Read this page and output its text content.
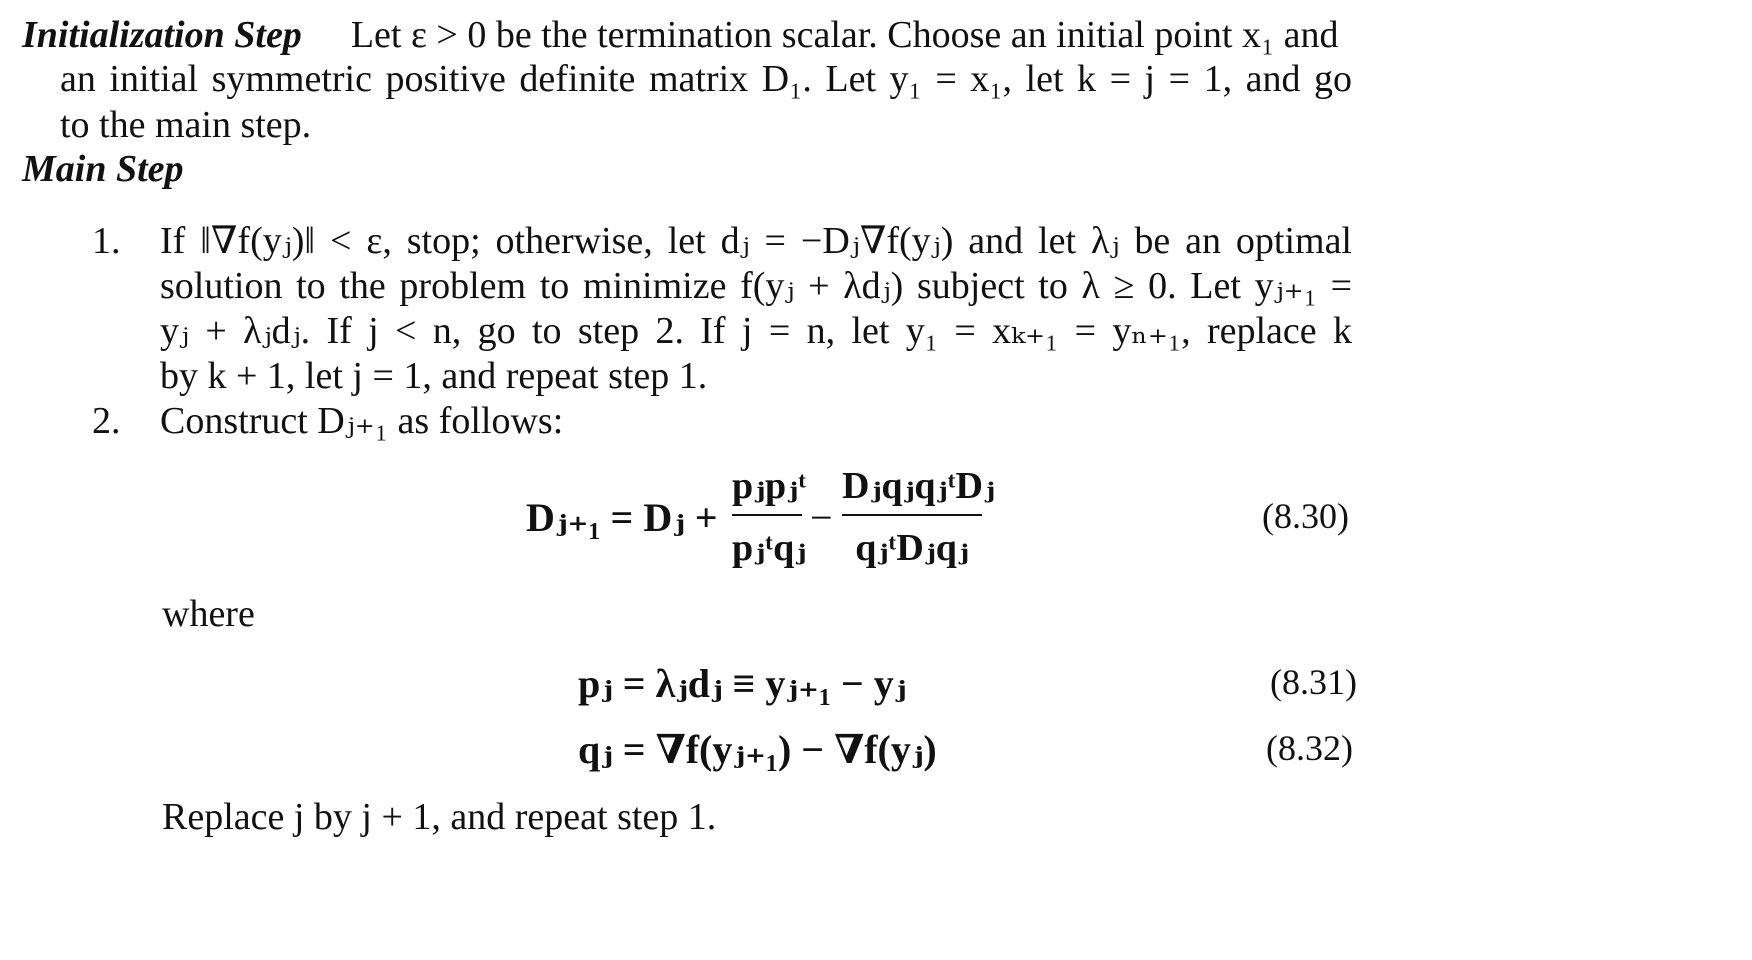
Initialization Step Let ε > 0 be the termination scalar. Choose an initial point x₁ and
an initial symmetric positive definite matrix D₁. Let y₁ = x₁, let k = j = 1, and go
to the main step.
Main Step
1. If ‖∇f(yⱼ)‖ < ε, stop; otherwise, let dⱼ = −Dⱼ∇f(yⱼ) and let λⱼ be an optimal
solution to the problem to minimize f(yⱼ + λdⱼ) subject to λ ≥ 0. Let yⱼ₊₁ =
yⱼ + λⱼdⱼ. If j < n, go to step 2. If j = n, let y₁ = xₖ₊₁ = yₙ₊₁, replace k
by k + 1, let j = 1, and repeat step 1.
2. Construct Dⱼ₊₁ as follows:
Dⱼ₊₁ = Dⱼ +
pⱼpⱼᵗ
pⱼᵗqⱼ
−
DⱼqⱼqⱼᵗDⱼ
qⱼᵗDⱼqⱼ
(8.30)
where
pⱼ = λⱼdⱼ ≡ yⱼ₊₁ − yⱼ	(8.31)
qⱼ = ∇f(yⱼ₊₁) − ∇f(yⱼ)	(8.32)
Replace j by j + 1, and repeat step 1.
